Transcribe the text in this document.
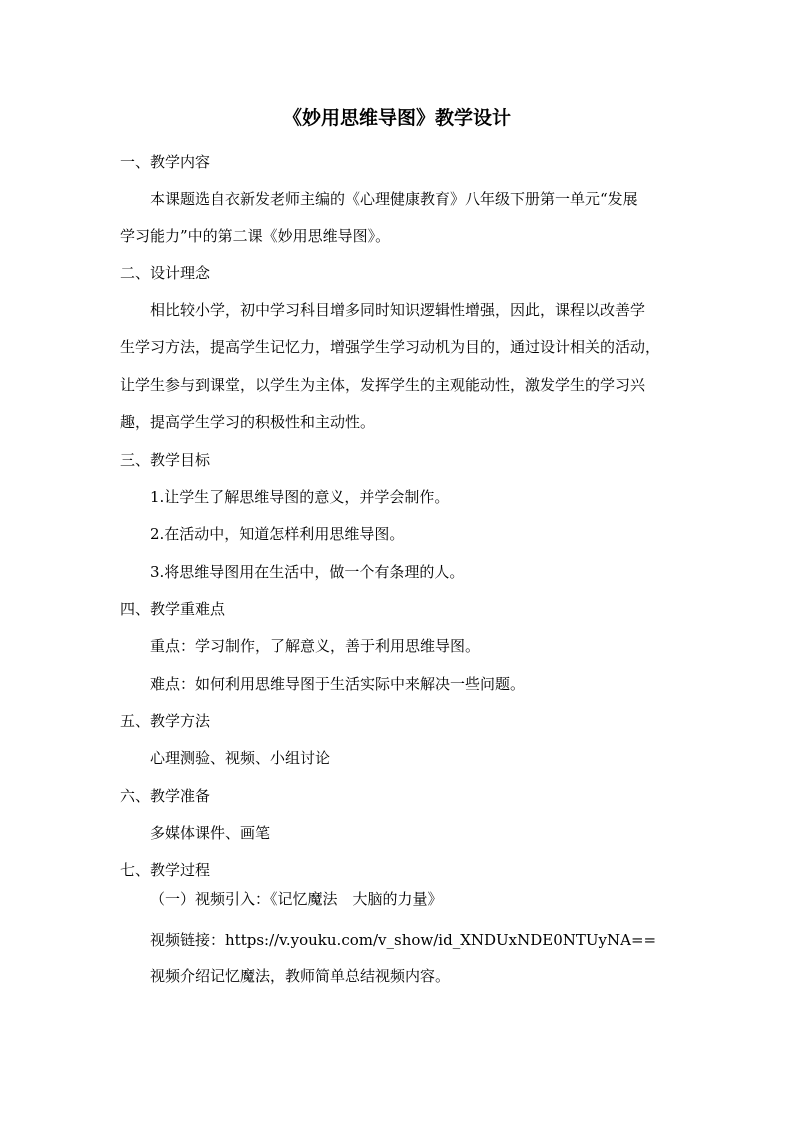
《妙用思维导图》教学设计
一、教学内容
本课题选自衣新发老师主编的《心理健康教育》八年级下册第一单元“发展
学习能力”中的第二课《妙用思维导图》。
二、设计理念
相比较小学，初中学习科目增多同时知识逻辑性增强，因此，课程以改善学
生学习方法，提高学生记忆力，增强学生学习动机为目的，通过设计相关的活动，
让学生参与到课堂，以学生为主体，发挥学生的主观能动性，激发学生的学习兴
趣，提高学生学习的积极性和主动性。
三、教学目标
1.让学生了解思维导图的意义，并学会制作。
2.在活动中，知道怎样利用思维导图。
3.将思维导图用在生活中，做一个有条理的人。
四、教学重难点
重点：学习制作，了解意义，善于利用思维导图。
难点：如何利用思维导图于生活实际中来解决一些问题。
五、教学方法
心理测验、视频、小组讨论
六、教学准备
多媒体课件、画笔
七、教学过程
（一）视频引入：《记忆魔法　大脑的力量》
视频链接：https://v.youku.com/v_show/id_XNDUxNDE0NTUyNA==
视频介绍记忆魔法，教师简单总结视频内容。
